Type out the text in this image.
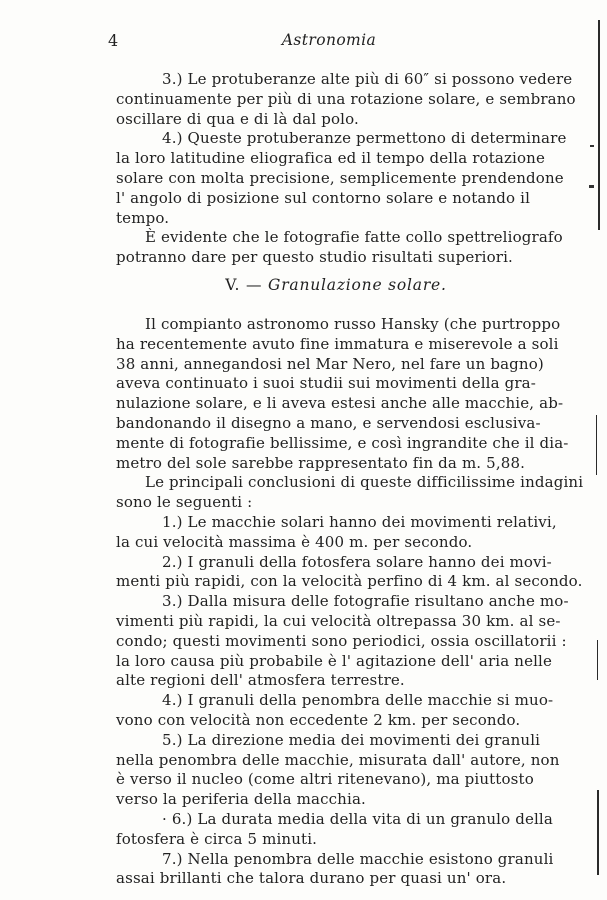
4	Astronomia
3.) Le protuberanze alte più di 60″ si possono vedere
continuamente per più di una rotazione solare, e sembrano
oscillare di qua e di là dal polo.
4.) Queste protuberanze permettono di determinare
la loro latitudine eliografica ed il tempo della rotazione
solare con molta precisione, semplicemente prendendone
l' angolo di posizione sul contorno solare e notando il
tempo.
È evidente che le fotografie fatte collo spettreliografo
potranno dare per questo studio risultati superiori.
V. — Granulazione solare.
Il compianto astronomo russo Hansky (che purtroppo
ha recentemente avuto fine immatura e miserevole a soli
38 anni, annegandosi nel Mar Nero, nel fare un bagno)
aveva continuato i suoi studii sui movimenti della gra-
nulazione solare, e li aveva estesi anche alle macchie, ab-
bandonando il disegno a mano, e servendosi esclusiva-
mente di fotografie bellissime, e così ingrandite che il dia-
metro del sole sarebbe rappresentato fin da m. 5,88.
Le principali conclusioni di queste difficilissime indagini
sono le seguenti :
1.) Le macchie solari hanno dei movimenti relativi,
la cui velocità massima è 400 m. per secondo.
2.) I granuli della fotosfera solare hanno dei movi-
menti più rapidi, con la velocità perfino di 4 km. al secondo.
3.) Dalla misura delle fotografie risultano anche mo-
vimenti più rapidi, la cui velocità oltrepassa 30 km. al se-
condo; questi movimenti sono periodici, ossia oscillatorii :
la loro causa più probabile è l' agitazione dell' aria nelle
alte regioni dell' atmosfera terrestre.
4.) I granuli della penombra delle macchie si muo-
vono con velocità non eccedente 2 km. per secondo.
5.) La direzione media dei movimenti dei granuli
nella penombra delle macchie, misurata dall' autore, non
è verso il nucleo (come altri ritenevano), ma piuttosto
verso la periferia della macchia.
· 6.) La durata media della vita di un granulo della
fotosfera è circa 5 minuti.
7.) Nella penombra delle macchie esistono granuli
assai brillanti che talora durano per quasi un' ora.
